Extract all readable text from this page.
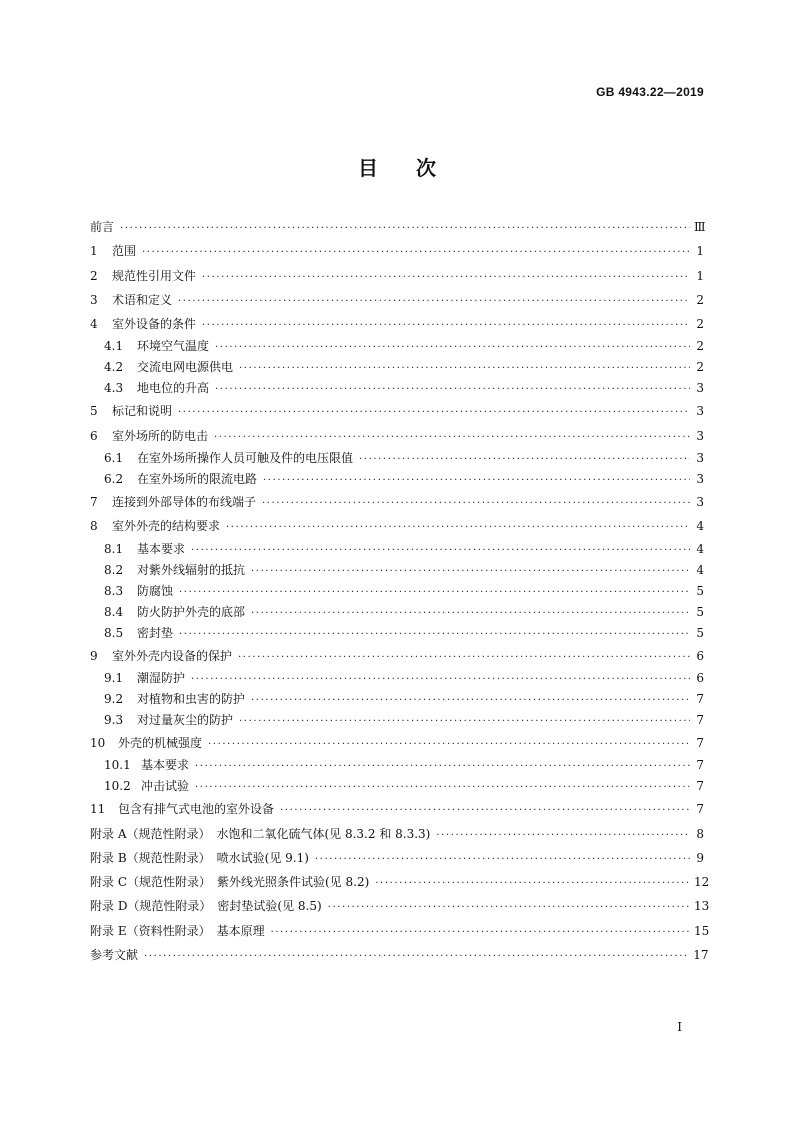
GB 4943.22—2019
目次
前言 ·····	Ⅲ
1	范围 ·····	1
2	规范性引用文件 ·····	1
3	术语和定义 ·····	2
4	室外设备的条件 ·····	2
4.1	环境空气温度 ·····	2
4.2	交流电网电源供电 ·····	2
4.3	地电位的升高 ·····	3
5	标记和说明 ·····	3
6	室外场所的防电击 ·····	3
6.1	在室外场所操作人员可触及件的电压限值 ·····	3
6.2	在室外场所的限流电路 ·····	3
7	连接到外部导体的布线端子 ·····	3
8	室外外壳的结构要求 ·····	4
8.1	基本要求 ·····	4
8.2	对紫外线辐射的抵抗 ·····	4
8.3	防腐蚀 ·····	5
8.4	防火防护外壳的底部 ·····	5
8.5	密封垫 ·····	5
9	室外外壳内设备的保护 ·····	6
9.1	潮湿防护 ·····	6
9.2	对植物和虫害的防护 ·····	7
9.3	对过量灰尘的防护 ·····	7
10	外壳的机械强度 ·····	7
10.1 基本要求 ·····	7
10.2 冲击试验 ·····	7
11	包含有排气式电池的室外设备 ·····	7
附录 A（规范性附录）　水饱和二氧化硫气体(见 8.3.2 和 8.3.3) ·····	8
附录 B（规范性附录）　喷水试验(见 9.1) ·····	9
附录 C（规范性附录）　紫外线光照条件试验(见 8.2) ·····	12
附录 D（规范性附录）　密封垫试验(见 8.5) ·····	13
附录 E（资料性附录）　基本原理 ·····	15
参考文献 ·····	17
I
